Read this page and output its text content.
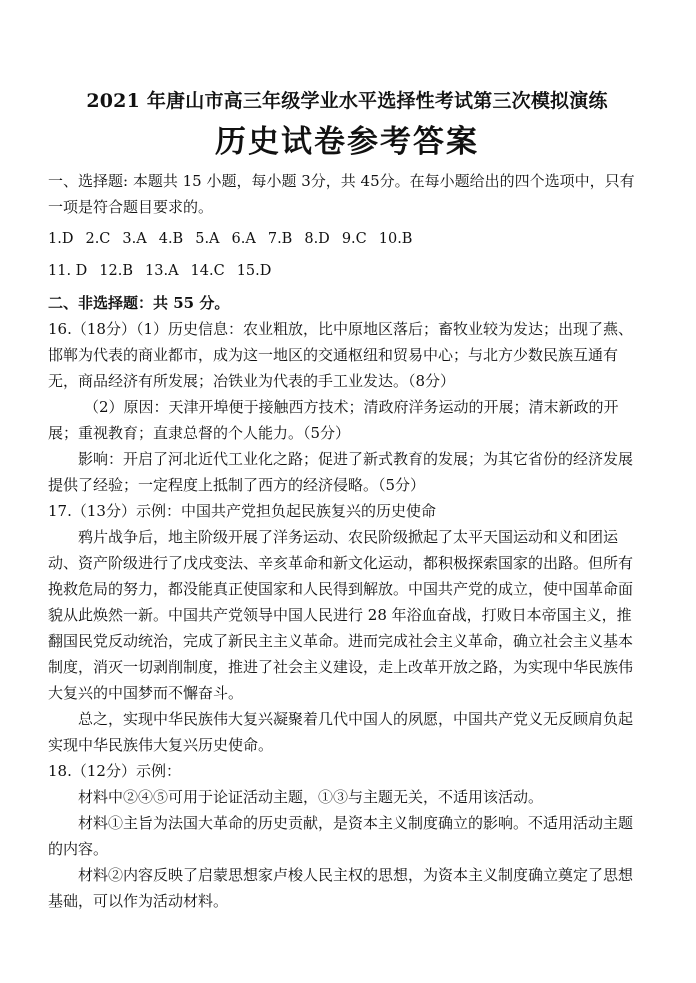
2021 年唐山市高三年级学业水平选择性考试第三次模拟演练
历史试卷参考答案

一、选择题: 本题共 15 小题，每小题 3分，共 45分。在每小题给出的四个选项中，只有一项是符合题目要求的。

1.D 2.C 3.A 4.B 5.A 6.A 7.B 8.D 9.C 10.B
11. D 12.B 13.A 14.C 15.D

二、非选择题：共 55 分。

16.（18分）（1）历史信息：农业粗放，比中原地区落后；畜牧业较为发达；出现了燕、邯郸为代表的商业都市，成为这一地区的交通枢纽和贸易中心；与北方少数民族互通有无，商品经济有所发展；冶铁业为代表的手工业发达。（8分）

（2）原因：天津开埠便于接触西方技术；清政府洋务运动的开展；清末新政的开展；重视教育；直隶总督的个人能力。（5分）

影响：开启了河北近代工业化之路；促进了新式教育的发展；为其它省份的经济发展提供了经验；一定程度上抵制了西方的经济侵略。（5分）

17.（13分）示例：中国共产党担负起民族复兴的历史使命

鸦片战争后，地主阶级开展了洋务运动、农民阶级掀起了太平天国运动和义和团运动、资产阶级进行了戊戌变法、辛亥革命和新文化运动，都积极探索国家的出路。但所有挽救危局的努力，都没能真正使国家和人民得到解放。中国共产党的成立，使中国革命面貌从此焕然一新。中国共产党领导中国人民进行 28 年浴血奋战，打败日本帝国主义，推翻国民党反动统治，完成了新民主主义革命。进而完成社会主义革命，确立社会主义基本制度，消灭一切剥削制度，推进了社会主义建设，走上改革开放之路，为实现中华民族伟大复兴的中国梦而不懈奋斗。

总之，实现中华民族伟大复兴凝聚着几代中国人的夙愿，中国共产党义无反顾肩负起实现中华民族伟大复兴历史使命。

18.（12分）示例：

材料中②④⑤可用于论证活动主题，①③与主题无关，不适用该活动。

材料①主旨为法国大革命的历史贡献，是资本主义制度确立的影响。不适用活动主题的内容。

材料②内容反映了启蒙思想家卢梭人民主权的思想，为资本主义制度确立奠定了思想基础，可以作为活动材料。
